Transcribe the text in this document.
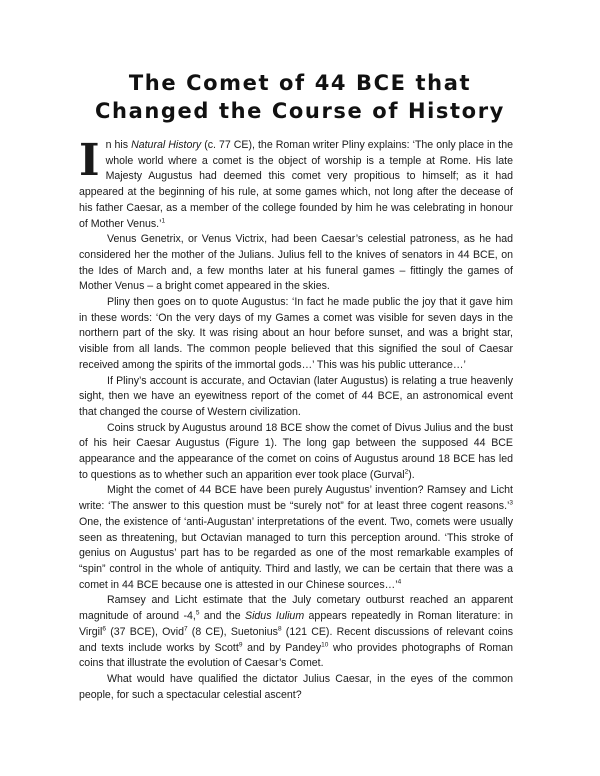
The Comet of 44 BCE that Changed the Course of History

In his Natural History (c. 77 CE), the Roman writer Pliny explains: ‘The only place in the whole world where a comet is the object of worship is a temple at Rome. His late Majesty Augustus had deemed this comet very propitious to himself; as it had appeared at the beginning of his rule, at some games which, not long after the decease of his father Caesar, as a member of the college founded by him he was celebrating in honour of Mother Venus.’$^1$

Venus Genetrix, or Venus Victrix, had been Caesar’s celestial patroness, as he had considered her the mother of the Julians. Julius fell to the knives of senators in 44 BCE, on the Ides of March and, a few months later at his funeral games – fittingly the games of Mother Venus – a bright comet appeared in the skies.

Pliny then goes on to quote Augustus: ‘In fact he made public the joy that it gave him in these words: ‘On the very days of my Games a comet was visible for seven days in the northern part of the sky. It was rising about an hour before sunset, and was a bright star, visible from all lands. The common people believed that this signified the soul of Caesar received among the spirits of the immortal gods…’ This was his public utterance…’

If Pliny’s account is accurate, and Octavian (later Augustus) is relating a true heavenly sight, then we have an eyewitness report of the comet of 44 BCE, an astronomical event that changed the course of Western civilization.

Coins struck by Augustus around 18 BCE show the comet of Divus Julius and the bust of his heir Caesar Augustus (Figure 1). The long gap between the supposed 44 BCE appearance and the appearance of the comet on coins of Augustus around 18 BCE has led to questions as to whether such an apparition ever took place (Gurval$^2$).

Might the comet of 44 BCE have been purely Augustus’ invention? Ramsey and Licht write: ‘The answer to this question must be “surely not” for at least three cogent reasons.’$^3$ One, the existence of ‘anti-Augustan’ interpretations of the event. Two, comets were usually seen as threatening, but Octavian managed to turn this perception around. ‘This stroke of genius on Augustus’ part has to be regarded as one of the most remarkable examples of “spin” control in the whole of antiquity. Third and lastly, we can be certain that there was a comet in 44 BCE because one is attested in our Chinese sources…’$^4$

Ramsey and Licht estimate that the July cometary outburst reached an apparent magnitude of around -4,$^5$ and the Sidus Iulium appears repeatedly in Roman literature: in Virgil$^6$ (37 BCE), Ovid$^7$ (8 CE), Suetonius$^8$ (121 CE). Recent discussions of relevant coins and texts include works by Scott$^9$ and by Pandey$^{10}$ who provides photographs of Roman coins that illustrate the evolution of Caesar’s Comet.

What would have qualified the dictator Julius Caesar, in the eyes of the common people, for such a spectacular celestial ascent?
